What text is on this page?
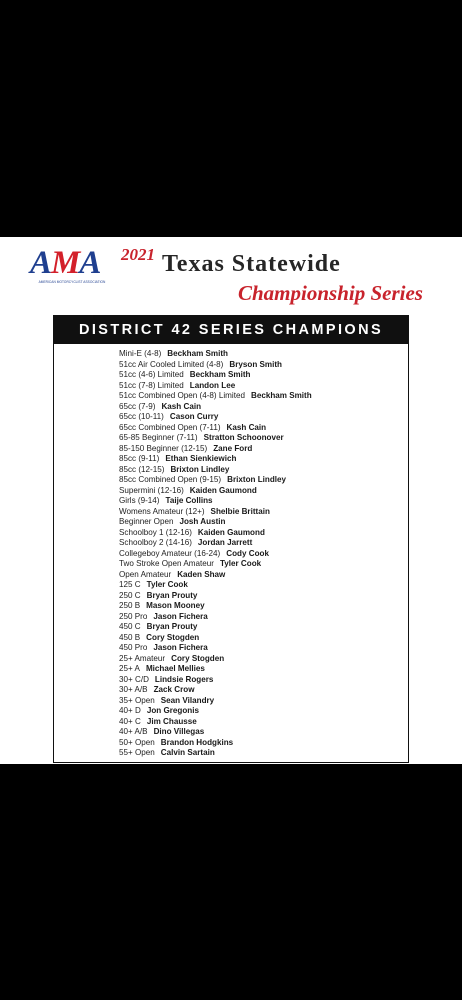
AMA
AMERICAN MOTORCYCLIST ASSOCIATION
2021 Texas Statewide
Championship Series
DISTRICT 42 SERIES CHAMPIONS
Mini-E (4-8) Beckham Smith
51cc Air Cooled Limited (4-8) Bryson Smith
51cc (4-6) Limited Beckham Smith
51cc (7-8) Limited Landon Lee
51cc Combined Open (4-8) Limited Beckham Smith
65cc (7-9) Kash Cain
65cc (10-11) Cason Curry
65cc Combined Open (7-11) Kash Cain
65-85 Beginner (7-11) Stratton Schoonover
85-150 Beginner (12-15) Zane Ford
85cc (9-11) Ethan Sienkiewich
85cc (12-15) Brixton Lindley
85cc Combined Open (9-15) Brixton Lindley
Supermini (12-16) Kaiden Gaumond
Girls (9-14) Taije Collins
Womens Amateur (12+) Shelbie Brittain
Beginner Open Josh Austin
Schoolboy 1 (12-16) Kaiden Gaumond
Schoolboy 2 (14-16) Jordan Jarrett
Collegeboy Amateur (16-24) Cody Cook
Two Stroke Open Amateur Tyler Cook
Open Amateur Kaden Shaw
125 C Tyler Cook
250 C Bryan Prouty
250 B Mason Mooney
250 Pro Jason Fichera
450 C Bryan Prouty
450 B Cory Stogden
450 Pro Jason Fichera
25+ Amateur Cory Stogden
25+ A Michael Mellies
30+ C/D Lindsie Rogers
30+ A/B Zack Crow
35+ Open Sean Vilandry
40+ D Jon Gregonis
40+ C Jim Chausse
40+ A/B Dino Villegas
50+ Open Brandon Hodgkins
55+ Open Calvin Sartain
